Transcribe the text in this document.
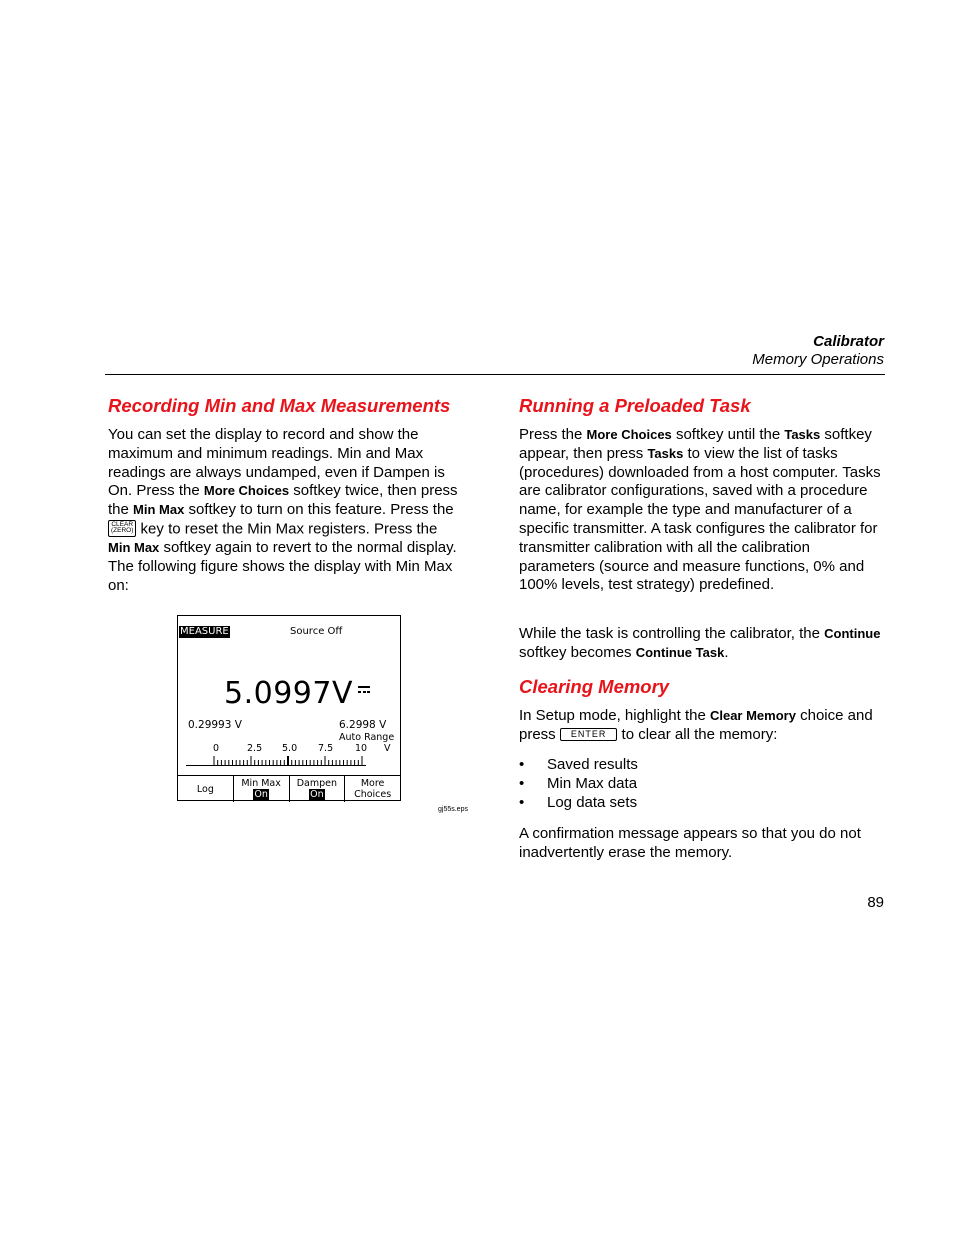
Calibrator
Memory Operations
Recording Min and Max Measurements

You can set the display to record and show the maximum and minimum readings. Min and Max readings are always undamped, even if Dampen is On. Press the More Choices softkey twice, then press the Min Max softkey to turn on this feature. Press the CLEAR
(ZERO) key to reset the Min Max registers. Press the Min Max softkey again to revert to the normal display. The following figure shows the display with Min Max on:

MEASURE	Source Off
5.0997 V
0.29993 V	6.2998 V
Auto Range
0	2.5 5.0 7.5 10 V
Log	Min Max
On
Dampen
On
More
Choices
gj55s.eps
Running a Preloaded Task

Press the More Choices softkey until the Tasks softkey appear, then press Tasks to view the list of tasks (procedures) downloaded from a host computer. Tasks are calibrator configurations, saved with a procedure name, for example the type and manufacturer of a specific transmitter. A task configures the calibrator for transmitter calibration with all the calibration parameters (source and measure functions, 0% and 100% levels, test strategy) predefined.

While the task is controlling the calibrator, the Continue softkey becomes Continue Task.

Clearing Memory

In Setup mode, highlight the Clear Memory choice and press ENTER to clear all the memory:

• Saved results
• Min Max data
• Log data sets

A confirmation message appears so that you do not inadvertently erase the memory.

89
